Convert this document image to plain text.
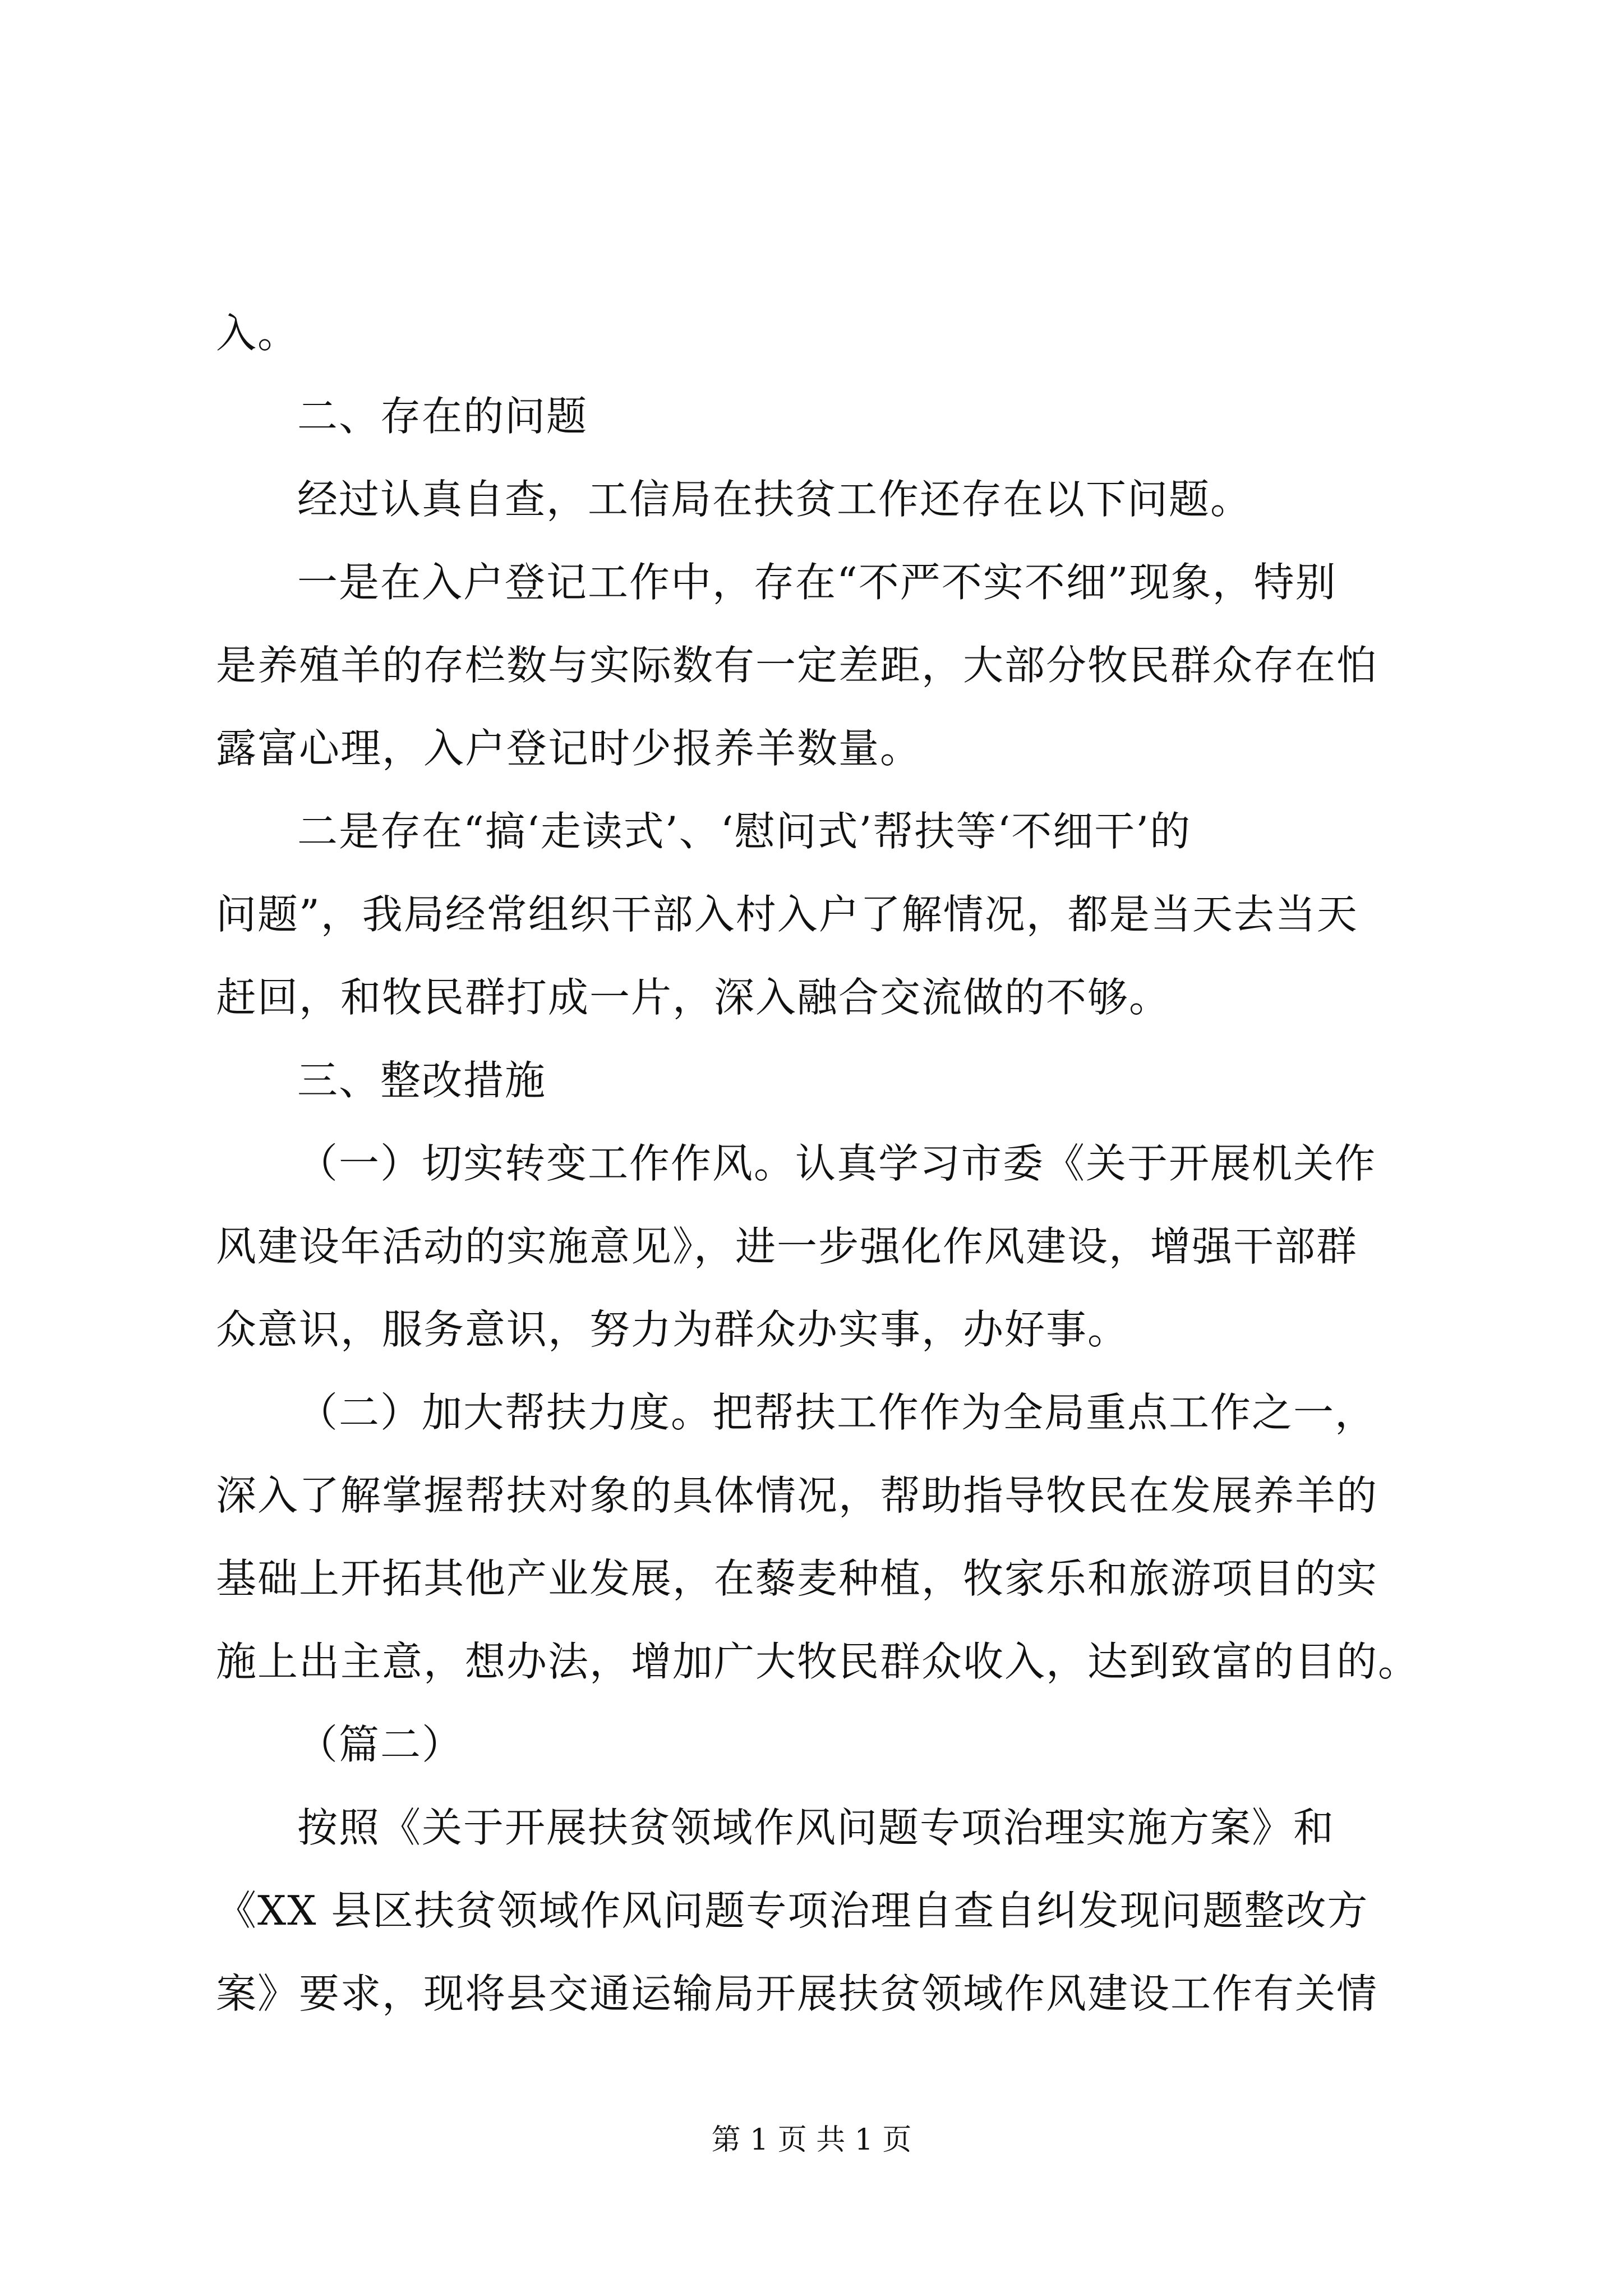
入。
二、存在的问题
经过认真自查，工信局在扶贫工作还存在以下问题。
一是在入户登记工作中，存在“不严不实不细”现象，特别
是养殖羊的存栏数与实际数有一定差距，大部分牧民群众存在怕
露富心理，入户登记时少报养羊数量。
二是存在“搞‘走读式’、‘慰问式’帮扶等‘不细干’的
问题”，我局经常组织干部入村入户了解情况，都是当天去当天
赶回，和牧民群打成一片，深入融合交流做的不够。
三、整改措施
（一）切实转变工作作风。认真学习市委《关于开展机关作
风建设年活动的实施意见》，进一步强化作风建设，增强干部群
众意识，服务意识，努力为群众办实事，办好事。
（二）加大帮扶力度。把帮扶工作作为全局重点工作之一，
深入了解掌握帮扶对象的具体情况，帮助指导牧民在发展养羊的
基础上开拓其他产业发展，在藜麦种植，牧家乐和旅游项目的实
施上出主意，想办法，增加广大牧民群众收入，达到致富的目的。
（篇二）
按照《关于开展扶贫领域作风问题专项治理实施方案》和
《XX 县区扶贫领域作风问题专项治理自查自纠发现问题整改方
案》要求，现将县交通运输局开展扶贫领域作风建设工作有关情
第 1 页 共 1 页
